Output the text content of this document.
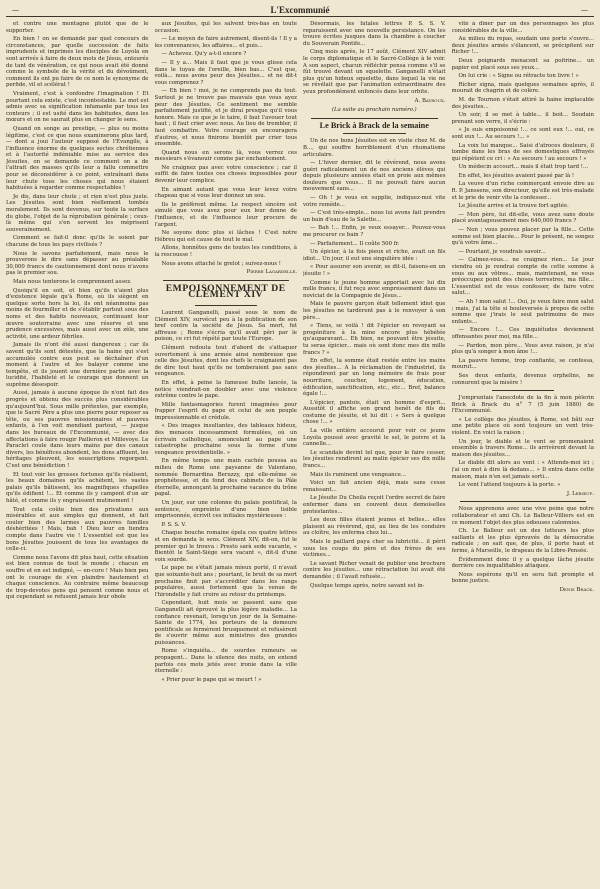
—	L'Excommunié	—

et contre une montagne plutôt que de le supporter.

En bien ! on se demande par quel concours de circonstances, par quelle succession de faits imprudents et imprimés les disciples de Loyola en sont arrivés à faire de deux mots de Jésus, entourés de tant de vénération, ce qui nous avait été donné comme le symbole de la vérité et du dévoûment, comment ils ont pu faire de ce nom le synonyme de perfide, vil et scélérat !

Vraiment, c'est à confondre l'imagination ! Et pourtant cela existe, c'est incontestable. Le mot est admis avec sa signification infamante par tous les conteurs ; il est usité dans les habitudes, dans les mœurs et on ne saurait plus en changer le sens.

Quand on songe au prestige, — plus ou moins légitime, c'est ce que nous examinerons plus tard, — dont a joui l'auteur supposé de l'Évangile, à l'influence énorme de quelques sectes chrétiennes et à l'autorité indéniable mise au service des Jésuites, on se demande ce comment on a de l'attrait des masses qu'ils leur a fallu commettre pour se déconsidérer à ce point, entraînant dans leur chute tous les choses qui nous étaient habituées à regarder comme respectables !

Je dis, dans leur chute ; et rien n'est plus juste. Les Jésuites sont bien réellement tombés moralement. Ils sont devenus, sur toute la surface du globe, l'objet de la réprobation générale ; ceux-là même qui s'en servent les méprisent souverainement.

Comment se fait-il donc qu'ils le soient par chacune de tous les pays civilisés ?

Nous le savons parfaitement, mais nous le prouverons le dire sans dépasser au préalable 30,000 francs de cautionnement dont nous n'avons pas le premier sou.

Mais nous tenterons le comprennent assez.

Quoiqu'il en soit, et bien qu'ils n'aient plus d'existence légale qu'à Rome, où ils siègent en quelque sorte hors la loi, ils ont néanmoins pas moins de fourmiller et de s'établir partout sous des noms et des habits nouveaux, continuant leur œuvre souterraine avec une réserve et une prudence excessives, mais aussi avec un zèle, une activité, une ardeur fébriles.

Jamais ils n'ont été aussi dangereux ; car ils savent qu'ils sont détestés, que la haine qui s'est accumulée contre eux peut se déchaîner d'un moment à l'autre et les balayer comme une tempête, et ils jouent une dernière partie avec la lucidité, l'habileté et le courage que donnent un suprême désespoir.

Aussi, jamais à aucune époque ils n'ont fait des progrès et obtenu des succès plus considérables qu'aujourd'hui. Sous mille prétextes, par exemple, que le Sacré Père a plus une pierre pour reposer sa tête, ou ses pauvres missionnaires et pauvres enfants, à l'en voit mendiant partout, — jusque dans les bureaux de l'Excommunié, — avec des affectations à faire rougir Pailleron et Millevoye. Le Paraclet coule dans leurs mains par des canaux divers, les bénéfices abondent, les dons affluent, les héritages pleuvent, les souscriptions regorgent. C'est une bénédiction !

Et tout voir les grosses fortunes qu'ils réalisent, les beaux domaines qu'ils achètent, les vastes palais qu'ils bâtissent, les magnifiques chapelles qu'ils édifient !... Et comme ils y campent d'un air hâté, et comme ils y engraissent mutinement !

Tout cela coûte bien des privations aux misérables et aux simples qui donnent, et fait couler bien des larmes aux pauvres familles déshéritées ! Mais, bah ! Dieu leur en tiendra compte dans l'autre vie ! L'essentiel est que les bons Jésuites jouissent de tous les avantages de celle-ci.

Comme nous l'avons dit plus haut, cette situation est bien connue de tout le monde ; chacun en souffre et en est indigné, — en-core ! Mais bien peu ont le courage de s'en plaindre hautement et chaque conscience. Au contraire même beaucoup de trop-devotes gens qui pensent comme nous et qui cependant se refusent jamais leur obole

aux Jésuites, qui les salvent très-bas en toute occasion.

— Le moyen de faire autrement, disent-ils ! Il y a les convenances, les affaires... et puis...

— Achevez. Qu'y a-t-il encore ?

— Il y a... Mais il faut que je vous glisse cela dans le tuyau de l'oreille, bien bas... C'est que, voilà... nous avons peur des Jésuites... et ne dit-t vous comprenez ?

— Eh bien ! moi, je ne comprends pas du tout. Surtout je ne trouve pas mauvais que vous ayez peur des Jésuites. Ce sentiment me semble parfaitement justifié, et je dirai presque qu'il vous honore. Mais ce que je le taire, il faut l'avouer tout haut ; il faut crier avec nous. Au lieu de trembler, il faut combattre. Votre courage en encouragera d'autres, et nous finirons bientôt par crier tous ensemble.

Quand nous en serons là, vous verrez ces messieurs s'évanouir comme par enchantement.

Ne craignez pas avec votre conscience ; car il suffit de faire toutes ces choses impossibles pour devenir leur complice.

En aimant autant que vous leur levez votre chapeau que si vous leur donnez un sou.

Ils le préfèrent même. Le respect sincère est simulé que vous avez pour eux leur donne de l'influence, et de l'influence leur procure de l'argent.

Ne soyons donc plus si lâches ! C'est notre Hébreu qui est cause de tout le mal.

Allons, honnêtes gens de toutes les conditions, à la rescousse !

Nous avons attaché le grelot ; suivez-nous !

Pierre Lagardelle.

EMPOISONNEMENT DE CLÉMENT XIV

Laurent Ganganelli, passé sous le nom de Clément XIV, survécut peu à la publication de son bref contre la société de Jésus. Sa mort, fut affreuse ; Rome s'écria qu'il avait péri par le poison, ce cri fut répété par toute l'Europe.

Clément redouta tout d'abord de s'attaquer ouvertement à une armée ainsi nombreuse que celle des Jésuites, dont les chefs le craignaient pas de dire tout haut qu'ils ne tomberaient pas sans vengeance.

En effet, à peine la fameuse bulle lancée, la notice viendrait-on doubler avec une violence extrême contre le pape.

Mille fantasmagories furent imaginées pour frapper l'esprit du pape et celui de son peuple impressionnable et crédule.

« Des images insultantes, des tableaux hideux, des menaces incessamment formulées, où un écrivain catholique, amoncelant au pape une catastrophe prochaine sous la forme d'une vengeance providentielle. »

En même temps une main cachée poussa au milieu de Rome une paysanne de Valentano, nommée Bernardina Beruzzy, qui elle-même se prophétesse, et du fond des cabinets de la Pâle éternelle, annonçant la prochaine vacance du trône papal.

Un jour, sur une colonne du palais pontifical, la sentence, empreinte d'une bien lisible emprisonnée, écrivit ces initiales mystérieuses :

P. S. S. V.

Chaque bouche romaine épela ces quatre lettres et en demanda le sens. Clément XIV, dit-on, fut le premier qui le trouva : Presto sarà sede vacante, « Bientôt le Saint-Siège sera vacant », dit-il d'une voix sourde.

Le pape ne s'était jamais mieux porté, il n'avait que soixante-huit ans ; pourtant, le bruit de sa mort prochaine finit par s'accréditer dans les rangs populaires, aussi fortement que la venue de l'hirondelle y fait croire au retour du printemps.

Cependant, huit mois se passent sans que Ganganelli ait éprouvé la plus légère maladie... La confiance revenait, lorsqu'un jour de la Semaine-Sainte de 1774, les porteurs de la demeure pontificale se fermèrent brusquement et refusèrent de s'ouvrir même aux ministres des grandes puissances.

Rome s'inquiéta... de sourdes rumeurs se propagent... Dans le silence des nuits, on entend parfois ces mots jetés avec ironie dans la ville éternelle :

« Prier pour le pape qui se meurt ! »

Désormais, les fatales lettres P. S. S. V. reparaissent avec une nouvelle persistance. On les trouve écrites jusques dans la chambre à coucher du Souverain Pontife...

Cinq mois après, le 17 août, Clément XIV admit le corps diplomatique et le Sacré-Collège à le voir. A son aspect, chacun réfléchir pensa comme s'il se fût trouvé devant un squelette. Ganganelli n'était plus qu'un hideux squelette, dans lequel la vie ne se révélait que par l'animation extraordinaire des yeux profondément enfoncés dans leur orbite.

A. Bayroux.

(La suite au prochain numéro.)
Le Brick à Brack de la semaine

Un de nos bons Jésuites est en visite chez M. de B..., qui souffre horriblement d'un rhumatisme articulaire.

— L'hiver dernier, dit le révérend, nous avons guéri radicalement un de nos anciens élèves qui depuis plusieurs années était en proie aux mêmes douleurs que vous... Il ne pouvait faire aucun mouvement sans...

— Oh ! je vous en supplie, indiquez-moi vite votre remède...

— C'est très-simple... nous lui avons fait prendre un bain d'eau de la Salette...

— Bah !... Enfin, je veux essayer... Pouvez-vous me procurer ce bain ?

— Parfaitement... Il coûte 500 fr.

Un épicier, à la fois pieux et riche, avait un fils idiot... Un jour, il eut une singulière idée :

« Pour assurer son avenir, se dit-il, faisons-en un jésuite ! »

Comme le jeune homme apportait avec lui dix mille francs, il fut reçu avec empressement dans un noviciat de la Compagnie de Jésus...

Mais le pauvre garçon était tellement idiot que les jésuites ne tardèrent pas à le renvoyer à son père...

« Tiens, se voilà ! dit l'épicier en revoyant sa progéniture à la mine encore plus hébétée qu'auparavant... Eh bien, ne pouvant être jésuite, tu seras épicier... mais où sont donc mes dix mille francs ? »

En effet, la somme était restée entre les mains des jésuites... A la réclamation de l'industriel, ils répondirent par un long mémoire de frais pour nourriture, coucher, logement, éducation, édification, sanctification, etc., etc... Bref, balance égale !...

L'épicier, pantois, était un homme d'esprit... Aussitôt il affiche son grand benêt de fils du costume de jésuite, et lui dit : « Sers à quelque chose !... »

La ville entière accourut pour voir ce jeune Loyola poussé avec gravité le sel, le poivre et la cannelle...

Le scandale devint tel que, pour le faire cesser, les jésuites rendirent au malin épicier ses dix mille francs...

Mais ils ruminent une vengeance...

Voici un fait ancien déjà, mais sans cesse renaissant...

Le Jésuite Du Cheila reçoit l'ordre secret de faire enfermer dans un couvent deux demoiselles protestantes...

Les deux filles étaient jeunes et belles... elles plaisent au révérend, qui, au lieu de les conduire au cloître, les enferma chez lui...

Mais le paillard paya cher sa lubricité... il périt sous les coups du père et des frères de ses victimes...

Le savant Richer venait de publier une brochure contre les jésuites... une rétractation lui avait été demandée ; il l'avait refusée...

Quelque temps après, notre savant est in-

vité à dîner par un des personnages les plus considérables de la ville...

Au milieu du repas, soudain une porte s'ouvre... deux jésuites armés s'élancent, se précipitent sur Richer !...

Deux poignards menacent sa poitrine... un papier est placé sous ses yeux...

On lui crie : « Signe ou rétracte ton livre ! »

Richer signa, mais quelques semaines après, il mourait de chagrin et de colère.

M. de Tournon s'était attiré la haine implacable des jésuites...

Un soir, il se met à table... il boit... Soudain prenant son verre, il s'écrie :

« Je suis empoisonné !... ce sont eux !... oui, ce sont eux !... Au secours !... »

La voix lui manque... Saisi d'atroces douleurs, il tombe dans les bras de ses domestiques effrayés qui répètent ce cri : « Au secours ! au secours ! »

Un médecin accourt... mais il était trop tard !...

En effet, les jésuites avaient passé par là !

La veuve d'un riche commerçant envoie dire au R. P. Janssens, son directeur, qu'elle est très-malade et le prie de venir vite la confesser...

Le Jésuite arrive et la trouve fort agitée.

— Mon père, lui dit-elle, vous avez sans doute placé avantageusement mes 640,000 francs ?

— Non ; vous pouvez placer par la fille... Cette somme est bien placée... Pour le présent, ne songez qu'à votre âme...

— Pourtant, je voudrais savoir...

— Calmez-vous... ne craignez rien... Le jour viendra où je rendrai compte de cette somme à vous ou aux vôtres... mais, maintenant, ne vous préoccupez point des choses terrestres, ma fille... L'essentiel est de vous confesser, de faire votre salut...

— Ah ! mon salut !... Oui, je veux faire mon salut ; mais, j'ai la tête si bouleversée à propos de cette somme que j'irais le seul patrimoine de mes enfants...

— Encore !... Ces inquiétudes deviennent offensantes pour moi, ma fille...

— Pardon, mon père... Vous avez raison, je n'ai plus qu'à songer à mon âme !...

La pauvre femme, trop confiante, se confessa, mourut...

Ses deux enfants, devenus orphelins, ne connurent que la misère !

J'empruntais l'anecdote de la fin à mon pèlerin Brick à Brack du n° 7 (5 juin 1880) de l'Excommunié.

« Le collège des jésuites, à Rome, est bâti sur une petite place où sont toujours un vent très-violent. En voici la raison :

Un jour, le diable et le vent se promenaient ensemble à travers Rome... ils arrivèrent devant la maison des jésuites...

Le diable dit alors au vent : « Attends-moi ici ; j'ai un mot à dire là dedans... » Il entra dans cette maison, mais n'en est jamais sorti...

Le vent l'attend toujours à la porte. »

J. Lebœuf.

Nous apprenons avec une vive peine que notre collaborateur et ami Ch. Le Balleur-Villiers est en ce moment l'objet des plus odieuses calomnies.

Ch. Le Balleur est un des lutteurs les plus vaillants et les plus éprouvés de la démocratie radicale ; on sait que, de plus, il porte haut et ferme, à Marseille, le drapeau de la Libre-Pensée.

Évidemment donc il y a quelque lâche jésuite derrière ces inqualifiables attaques.

Nous espérons qu'il en sera fait prompte et bonne justice.

Denis Brack.
